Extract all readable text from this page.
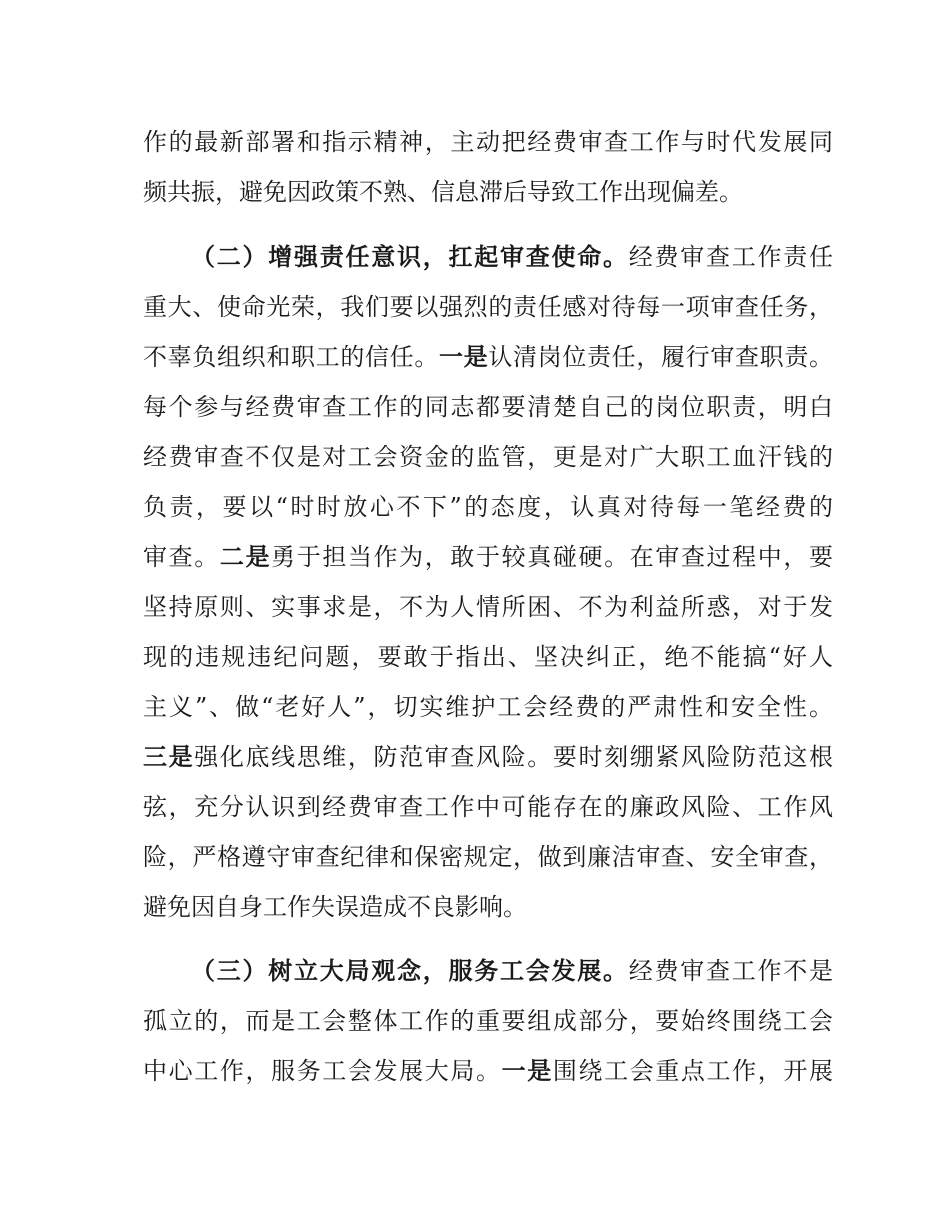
作的最新部署和指示精神，主动把经费审查工作与时代发展同
频共振，避免因政策不熟、信息滞后导致工作出现偏差。
（二）增强责任意识，扛起审查使命。经费审查工作责任
重大、使命光荣，我们要以强烈的责任感对待每一项审查任务，
不辜负组织和职工的信任。一是认清岗位责任，履行审查职责。
每个参与经费审查工作的同志都要清楚自己的岗位职责，明白
经费审查不仅是对工会资金的监管，更是对广大职工血汗钱的
负责，要以“时时放心不下”的态度，认真对待每一笔经费的
审查。二是勇于担当作为，敢于较真碰硬。在审查过程中，要
坚持原则、实事求是，不为人情所困、不为利益所惑，对于发
现的违规违纪问题，要敢于指出、坚决纠正，绝不能搞“好人
主义”、做“老好人”，切实维护工会经费的严肃性和安全性。
三是强化底线思维，防范审查风险。要时刻绷紧风险防范这根
弦，充分认识到经费审查工作中可能存在的廉政风险、工作风
险，严格遵守审查纪律和保密规定，做到廉洁审查、安全审查，
避免因自身工作失误造成不良影响。
（三）树立大局观念，服务工会发展。经费审查工作不是
孤立的，而是工会整体工作的重要组成部分，要始终围绕工会
中心工作，服务工会发展大局。一是围绕工会重点工作，开展
